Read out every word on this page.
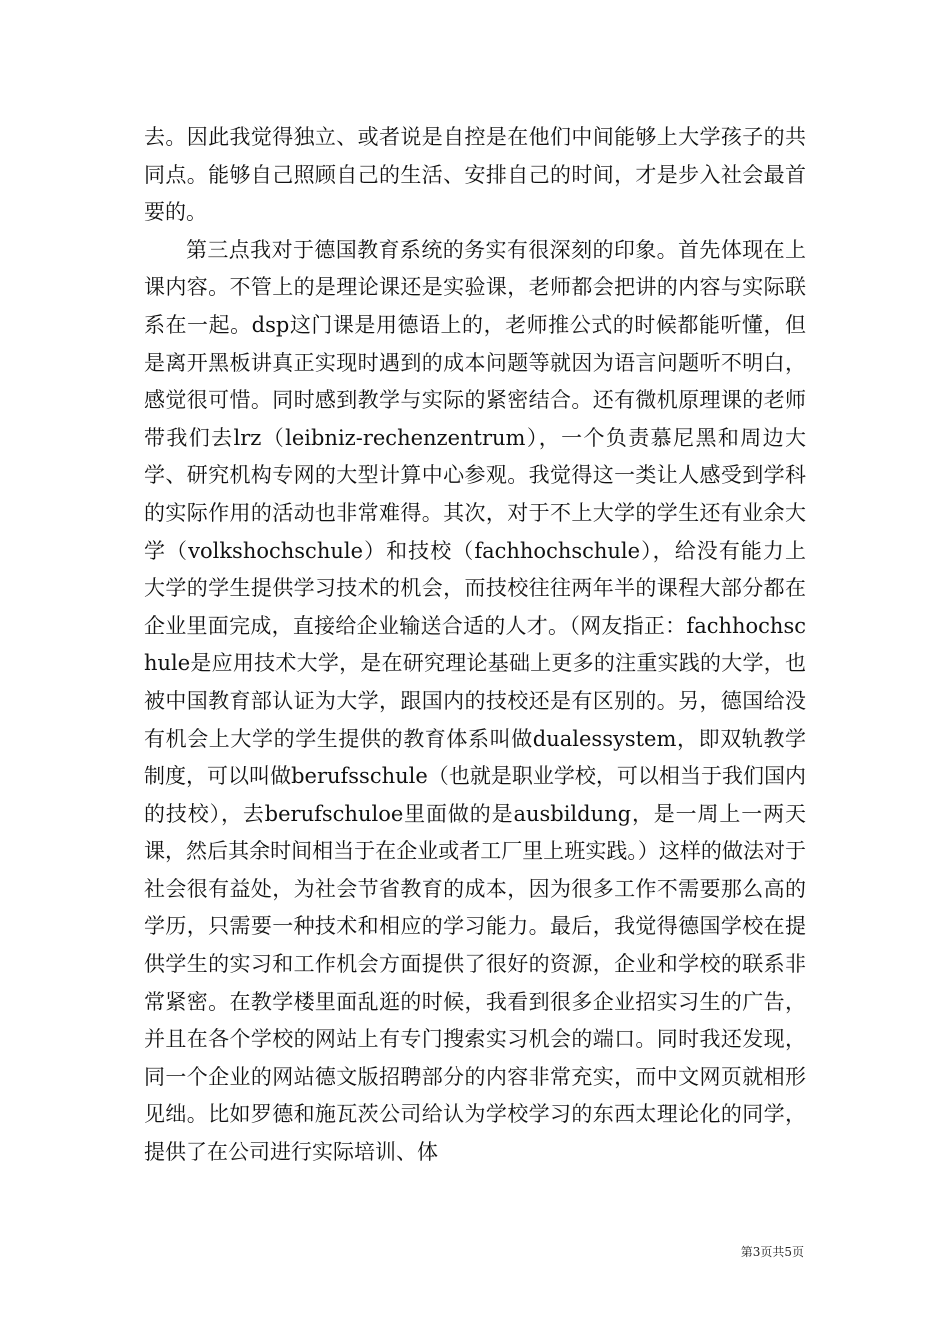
去。因此我觉得独立、或者说是自控是在他们中间能够上大学孩子的共同点。能够自己照顾自己的生活、安排自己的时间，才是步入社会最首要的。

第三点我对于德国教育系统的务实有很深刻的印象。首先体现在上课内容。不管上的是理论课还是实验课，老师都会把讲的内容与实际联系在一起。dsp这门课是用德语上的，老师推公式的时候都能听懂，但是离开黑板讲真正实现时遇到的成本问题等就因为语言问题听不明白，感觉很可惜。同时感到教学与实际的紧密结合。还有微机原理课的老师带我们去lrz（leibniz-rechenzentrum），一个负责慕尼黑和周边大学、研究机构专网的大型计算中心参观。我觉得这一类让人感受到学科的实际作用的活动也非常难得。其次，对于不上大学的学生还有业余大学（volkshochschule）和技校（fachhochschule），给没有能力上大学的学生提供学习技术的机会，而技校往往两年半的课程大部分都在企业里面完成，直接给企业输送合适的人才。（网友指正：fachhochschule是应用技术大学，是在研究理论基础上更多的注重实践的大学，也被中国教育部认证为大学，跟国内的技校还是有区别的。另，德国给没有机会上大学的学生提供的教育体系叫做dualessystem，即双轨教学制度，可以叫做berufsschule（也就是职业学校，可以相当于我们国内的技校），去berufschuloe里面做的是ausbildung，是一周上一两天课，然后其余时间相当于在企业或者工厂里上班实践。）这样的做法对于社会很有益处，为社会节省教育的成本，因为很多工作不需要那么高的学历，只需要一种技术和相应的学习能力。最后，我觉得德国学校在提供学生的实习和工作机会方面提供了很好的资源，企业和学校的联系非常紧密。在教学楼里面乱逛的时候，我看到很多企业招实习生的广告，并且在各个学校的网站上有专门搜索实习机会的端口。同时我还发现，同一个企业的网站德文版招聘部分的内容非常充实，而中文网页就相形见绌。比如罗德和施瓦茨公司给认为学校学习的东西太理论化的同学，提供了在公司进行实际培训、体

第3页共5页
